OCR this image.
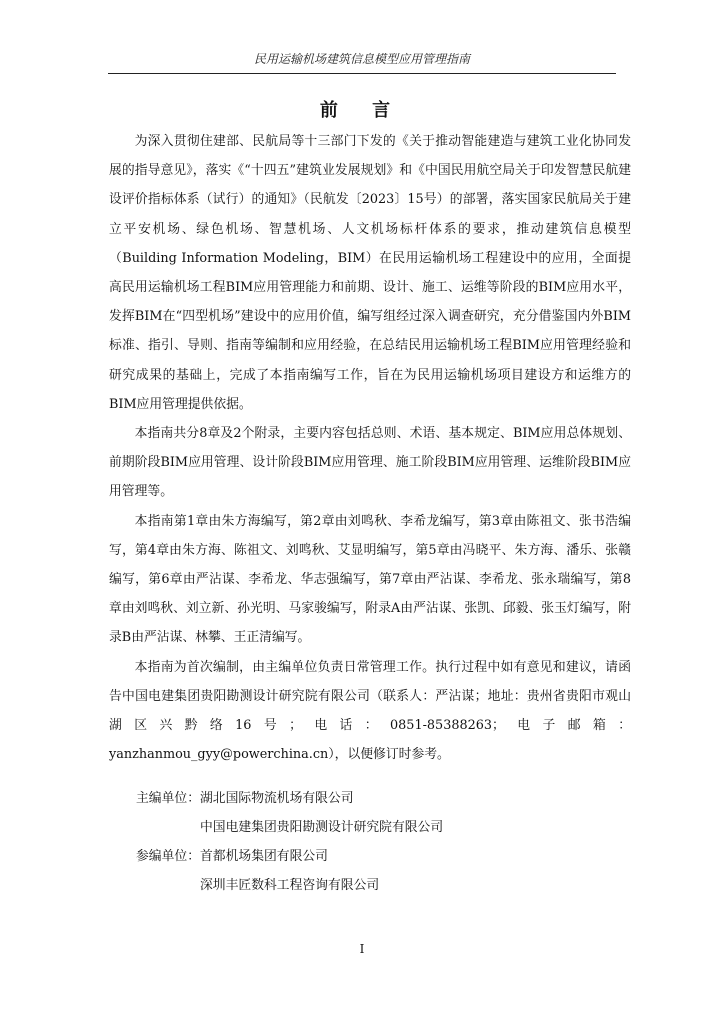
民用运输机场建筑信息模型应用管理指南
前 言

为深入贯彻住建部、民航局等十三部门下发的《关于推动智能建造与建筑工业化协同发展的指导意见》，落实《“十四五”建筑业发展规划》和《中国民用航空局关于印发智慧民航建设评价指标体系（试行）的通知》（民航发〔2023〕15号）的部署，落实国家民航局关于建立平安机场、绿色机场、智慧机场、人文机场标杆体系的要求，推动建筑信息模型（Building Information Modeling，BIM）在民用运输机场工程建设中的应用，全面提高民用运输机场工程BIM应用管理能力和前期、设计、施工、运维等阶段的BIM应用水平，发挥BIM在“四型机场”建设中的应用价值，编写组经过深入调查研究，充分借鉴国内外BIM标准、指引、导则、指南等编制和应用经验，在总结民用运输机场工程BIM应用管理经验和研究成果的基础上，完成了本指南编写工作，旨在为民用运输机场项目建设方和运维方的BIM应用管理提供依据。

本指南共分8章及2个附录，主要内容包括总则、术语、基本规定、BIM应用总体规划、前期阶段BIM应用管理、设计阶段BIM应用管理、施工阶段BIM应用管理、运维阶段BIM应用管理等。

本指南第1章由朱方海编写，第2章由刘鸣秋、李希龙编写，第3章由陈祖文、张书浩编写，第4章由朱方海、陈祖文、刘鸣秋、艾显明编写，第5章由冯晓平、朱方海、潘乐、张赣编写，第6章由严沾谋、李希龙、华志强编写，第7章由严沾谋、李希龙、张永瑞编写，第8章由刘鸣秋、刘立新、孙光明、马家骏编写，附录A由严沾谋、张凯、邱毅、张玉灯编写，附录B由严沾谋、林攀、王正清编写。

本指南为首次编制，由主编单位负责日常管理工作。执行过程中如有意见和建议，请函告中国电建集团贵阳勘测设计研究院有限公司（联系人：严沾谋；地址：贵州省贵阳市观山湖区兴黔络16号；电话：0851-85388263；电子邮箱：yanzhanmou_gyy@powerchina.cn），以便修订时参考。

主编单位： 湖北国际物流机场有限公司
中国电建集团贵阳勘测设计研究院有限公司
参编单位： 首都机场集团有限公司
深圳丰匠数科工程咨询有限公司
I
